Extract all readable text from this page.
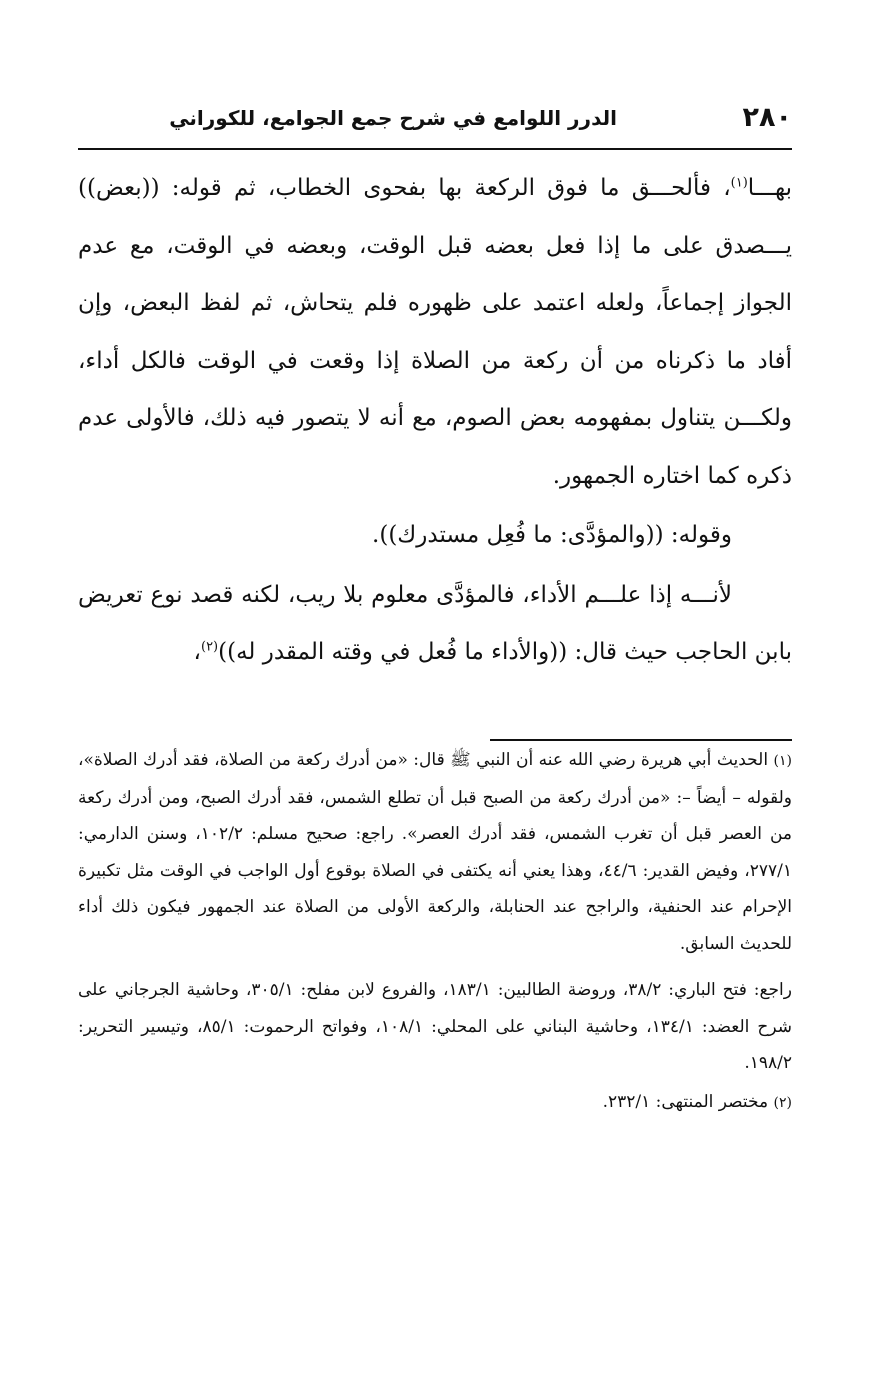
٢٨٠
الدرر اللوامع في شرح جمع الجوامع، للكوراني

بهـــا$^{(١)}$، فألحـــق ما فوق الركعة بها بفحوى الخطاب، ثم قوله: ((بعض)) يـــصدق على ما إذا فعل بعضه قبل الوقت، وبعضه في الوقت، مع عدم الجواز إجماعاً، ولعله اعتمد على ظهوره فلم يتحاش، ثم لفظ البعض، وإن أفاد ما ذكرناه من أن ركعة من الصلاة إذا وقعت في الوقت فالكل أداء، ولكـــن يتناول بمفهومه بعض الصوم، مع أنه لا يتصور فيه ذلك، فالأولى عدم ذكره كما اختاره الجمهور.

وقوله: ((والمؤدَّى: ما فُعِل مستدرك)).

لأنـــه إذا علـــم الأداء، فالمؤدَّى معلوم بلا ريب، لكنه قصد نوع تعريض بابن الحاجب حيث قال: ((والأداء ما فُعل في وقته المقدر له))$^{(٢)}$،

(١) الحديث أبي هريرة رضي الله عنه أن النبي ﷺ قال: «من أدرك ركعة من الصلاة، فقد أدرك الصلاة»، ولقوله – أيضاً –: «من أدرك ركعة من الصبح قبل أن تطلع الشمس، فقد أدرك الصبح، ومن أدرك ركعة من العصر قبل أن تغرب الشمس، فقد أدرك العصر». راجع: صحيح مسلم: ١٠٢/٢، وسنن الدارمي: ٢٧٧/١، وفيض القدير: ٤٤/٦، وهذا يعني أنه يكتفى في الصلاة بوقوع أول الواجب في الوقت مثل تكبيرة الإحرام عند الحنفية، والراجح عند الحنابلة، والركعة الأولى من الصلاة عند الجمهور فيكون ذلك أداء للحديث السابق.

راجع: فتح الباري: ٣٨/٢، وروضة الطالبين: ١٨٣/١، والفروع لابن مفلح: ٣٠٥/١، وحاشية الجرجاني على شرح العضد: ١٣٤/١، وحاشية البناني على المحلي: ١٠٨/١، وفواتح الرحموت: ٨٥/١، وتيسير التحرير: ١٩٨/٢.

(٢) مختصر المنتهى: ٢٣٢/١.
